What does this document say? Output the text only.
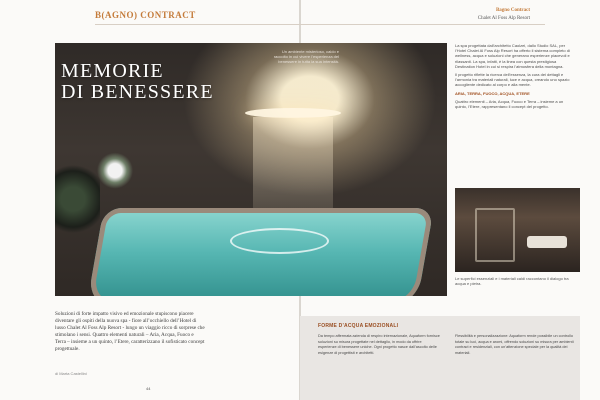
B(AGNO) CONTRACT	Bagno Contract
Chalet Al Foss Alp Resort
MEMORIE
DI BENESSERE
Un ambiente misterioso, caldo e raccolto in cui vivere l’esperienza del benessere in tutta la sua intensità.

La spa progettata dall’architetto Caolzei, dallo Studio SAL, per l’Hotel Chalet Al Foss Alp Resort ha offerto il sistema completo di wellness, acqua e soluzioni che generano esperienze piacevoli e rilassanti. La spa, infatti, è la linea con questa prestigiosa Destination Hotel in cui si respira l’atmosfera della montagna.

Il progetto riflette la ricerca dell’essenza, la cura dei dettagli e l’armonia tra materiali naturali, luce e acqua, creando uno spazio accogliente dedicato al corpo e alla mente.

ARIA, TERRA, FUOCO, ACQUA, ETERE

Quattro elementi – Aria, Acqua, Fuoco e Terra – insieme a un quinto, l’Etere, rappresentano il concept del progetto.

Le superfici essenziali e i materiali caldi raccontano il dialogo tra acqua e pietra.
Soluzioni di forte impatto visivo ed emozionale stupiscono piacere diventare gli ospiti della nuova spa - fiore all’occhiello dell’Hotel di lusso Chalet Al Foss Alp Resort - lungo un viaggio ricco di sorprese che stimolano i sensi. Quattro elementi naturali – Aria, Acqua, Fuoco e Terra – insieme a un quinto, l’Etere, caratterizzano il sofisticato concept progettuale.
di Marta Castellini
44
FORME D’ACQUA EMOZIONALI
Da tempo affermata azienda di respiro internazionale, Aquaform fornisce soluzioni su misura progettate nel dettaglio, in modo da offrire esperienze di benessere uniche. Ogni progetto nasce dall’ascolto delle esigenze di progettisti e architetti.
Flessibilità e personalizzazione: Aquaform rende possibile un controllo totale su luci, acqua e aromi, offrendo soluzioni su misura per ambienti contract e residenziali, con un’attenzione speciale per la qualità dei materiali.
